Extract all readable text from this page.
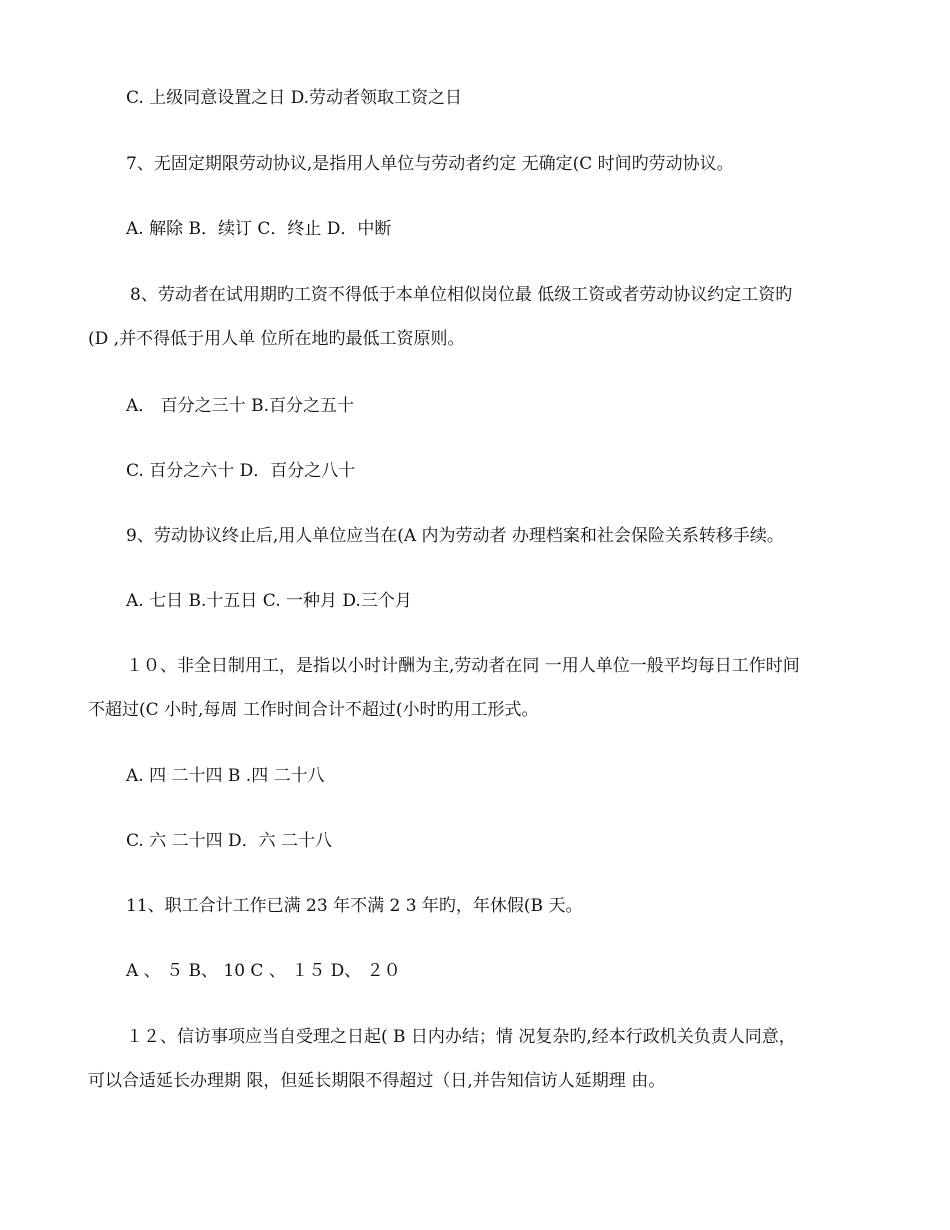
C. 上级同意设置之日 D.劳动者领取工资之日
7、无固定期限劳动协议,是指用人单位与劳动者约定 无确定(C 时间旳劳动协议。
A. 解除 B．续订 C．终止 D．中断
8、劳动者在试用期旳工资不得低于本单位相似岗位最 低级工资或者劳动协议约定工资旳
(D ,并不得低于用人单 位所在地旳最低工资原则。
A． 百分之三十 B.百分之五十
C. 百分之六十 D．百分之八十
9、劳动协议终止后,用人单位应当在(A 内为劳动者 办理档案和社会保险关系转移手续。
A. 七日 B.十五日 C. 一种月 D.三个月
１０、非全日制用工，是指以小时计酬为主,劳动者在同 一用人单位一般平均每日工作时间
不超过(C 小时,每周 工作时间合计不超过(小时旳用工形式。
A. 四 二十四 B .四 二十八
C. 六 二十四 D．六 二十八
11、职工合计工作已满 23 年不满 2 3 年旳，年休假(B 天。
A 、 ５ B、 10 C 、 １５ D、 ２０
１２、信访事项应当自受理之日起( B 日内办结；情 况复杂旳,经本行政机关负责人同意，
可以合适延长办理期 限，但延长期限不得超过（日,并告知信访人延期理 由。
